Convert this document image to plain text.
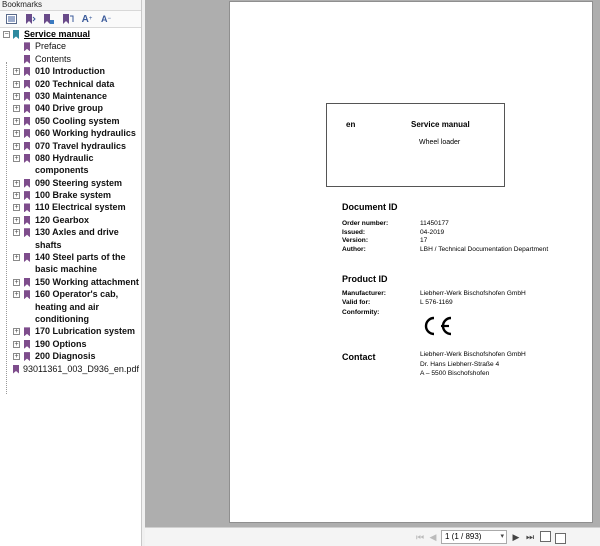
Bookmarks
A + A −
− Service manual
Preface
Contents
+ 010 Introduction
+ 020 Technical data
+ 030 Maintenance
+ 040 Drive group
+ 050 Cooling system
+ 060 Working hydraulics
+ 070 Travel hydraulics
+ 080 Hydraulic
components
+ 090 Steering system
+ 100 Brake system
+ 110 Electrical system
+ 120 Gearbox
+ 130 Axles and drive
shafts
+ 140 Steel parts of the
basic machine
+ 150 Working attachment
+ 160 Operator's cab,
heating and air
conditioning
+ 170 Lubrication system
+ 190 Options
+ 200 Diagnosis
93011361_003_D936_en.pdf
en	Service manual
Wheel loader
Document ID
Order number:	11450177
Issued:	04-2019
Version:	17
Author:	LBH / Technical Documentation Department
Product ID
Manufacturer:	Liebherr-Werk Bischofshofen GmbH
Valid for:	L 576-1169
Conformity:
Contact	Liebherr-Werk Bischofshofen GmbH
Dr. Hans Liebherr-Straße 4
A – 5500 Bischofshofen
⏮ ◀	1 (1 / 893)	▾ ▶ ⏭
